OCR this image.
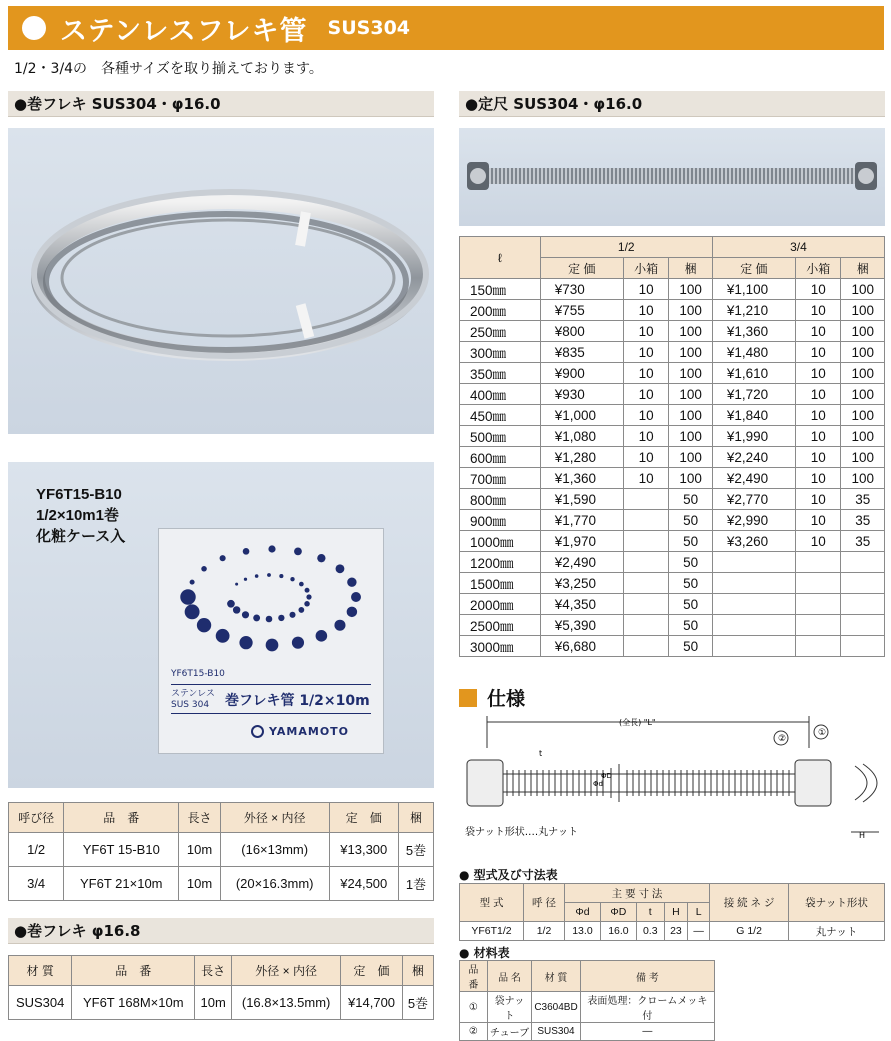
ステンレスフレキ管 SUS304
1/2・3/4の　各種サイズを取り揃えております。
●巻フレキ SUS304・φ16.0	●定尺 SUS304・φ16.0
ℓ	1/2			3/4		
	定 価	小箱	梱	定 価	小箱	梱
150㎜	¥730	10	100	¥1,100	10	100
200㎜	¥755	10	100	¥1,210	10	100
250㎜	¥800	10	100	¥1,360	10	100
300㎜	¥835	10	100	¥1,480	10	100
350㎜	¥900	10	100	¥1,610	10	100
400㎜	¥930	10	100	¥1,720	10	100
450㎜	¥1,000	10	100	¥1,840	10	100
500㎜	¥1,080	10	100	¥1,990	10	100
600㎜	¥1,280	10	100	¥2,240	10	100
700㎜	¥1,360	10	100	¥2,490	10	100
800㎜	¥1,590		50	¥2,770	10	35
900㎜	¥1,770		50	¥2,990	10	35
1000㎜	¥1,970		50	¥3,260	10	35
1200㎜	¥2,490		50			
1500㎜	¥3,250		50			
2000㎜	¥4,350		50			
2500㎜	¥5,390		50			
3000㎜	¥6,680		50			
YF6T15-B10
1/2×10m1巻
化粧ケース入
YF6T15-B10
ステンレス
SUS 304	巻フレキ管 1/2×10m
YAMAMOTO
呼び径	品　番	長さ	外径 × 内径	定　価	梱
1/2	YF6T 15-B10	10m	(16×13mm)	¥13,300	5巻
3/4	YF6T 21×10m	10m	(20×16.3mm)	¥24,500	1巻
●巻フレキ φ16.8
材 質	品　番	長さ	外径 × 内径	定　価	梱
SUS304	YF6T 168M×10m	10m	(16.8×13.5mm)	¥14,700	5巻
仕様
(全長) "L"
②
①
t
Φd
ΦD
H
袋ナット形状‥‥丸ナット
● 型式及び寸法表
型 式	呼 径	主 要 寸 法					接 続 ネ ジ	袋ナット形状
		Φd	ΦD	t	H	L		
YF6T1/2	1/2	13.0	16.0	0.3	23	—	G 1/2	丸ナット
● 材料表
品 番	品 名	材 質	備 考
①	袋ナット	C3604BD	表面処理：クロームメッキ付
②	チューブ	SUS304	―
